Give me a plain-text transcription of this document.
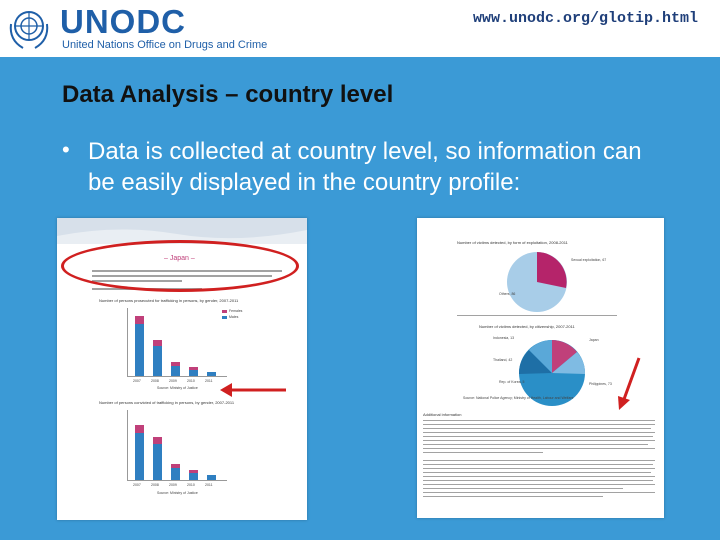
UNODC
United Nations Office on Drugs and Crime
www.unodc.org/glotip.html
Data Analysis – country level
• Data is collected at country level, so information can be easily displayed in the country profile:
– Japan –
Number of persons prosecuted for trafficking in persons, by gender, 2007-2011
Females
Males
2007	2008	2009	2010	2011
Source: Ministry of Justice
Number of persons convicted of trafficking in persons, by gender, 2007-2011
2007	2008	2009	2010	2011
Source: Ministry of Justice
Number of victims detected, by form of exploitation, 2008-2011
Sexual exploitation, 67
Others, 86
Number of victims detected, by citizenship, 2007-2011
Indonesia, 13	Japan
Thailand, 42
Rep. of Korea, 5	Philippines, 73
Source: National Police Agency; Ministry of Health, Labour and Welfare
Additional information
